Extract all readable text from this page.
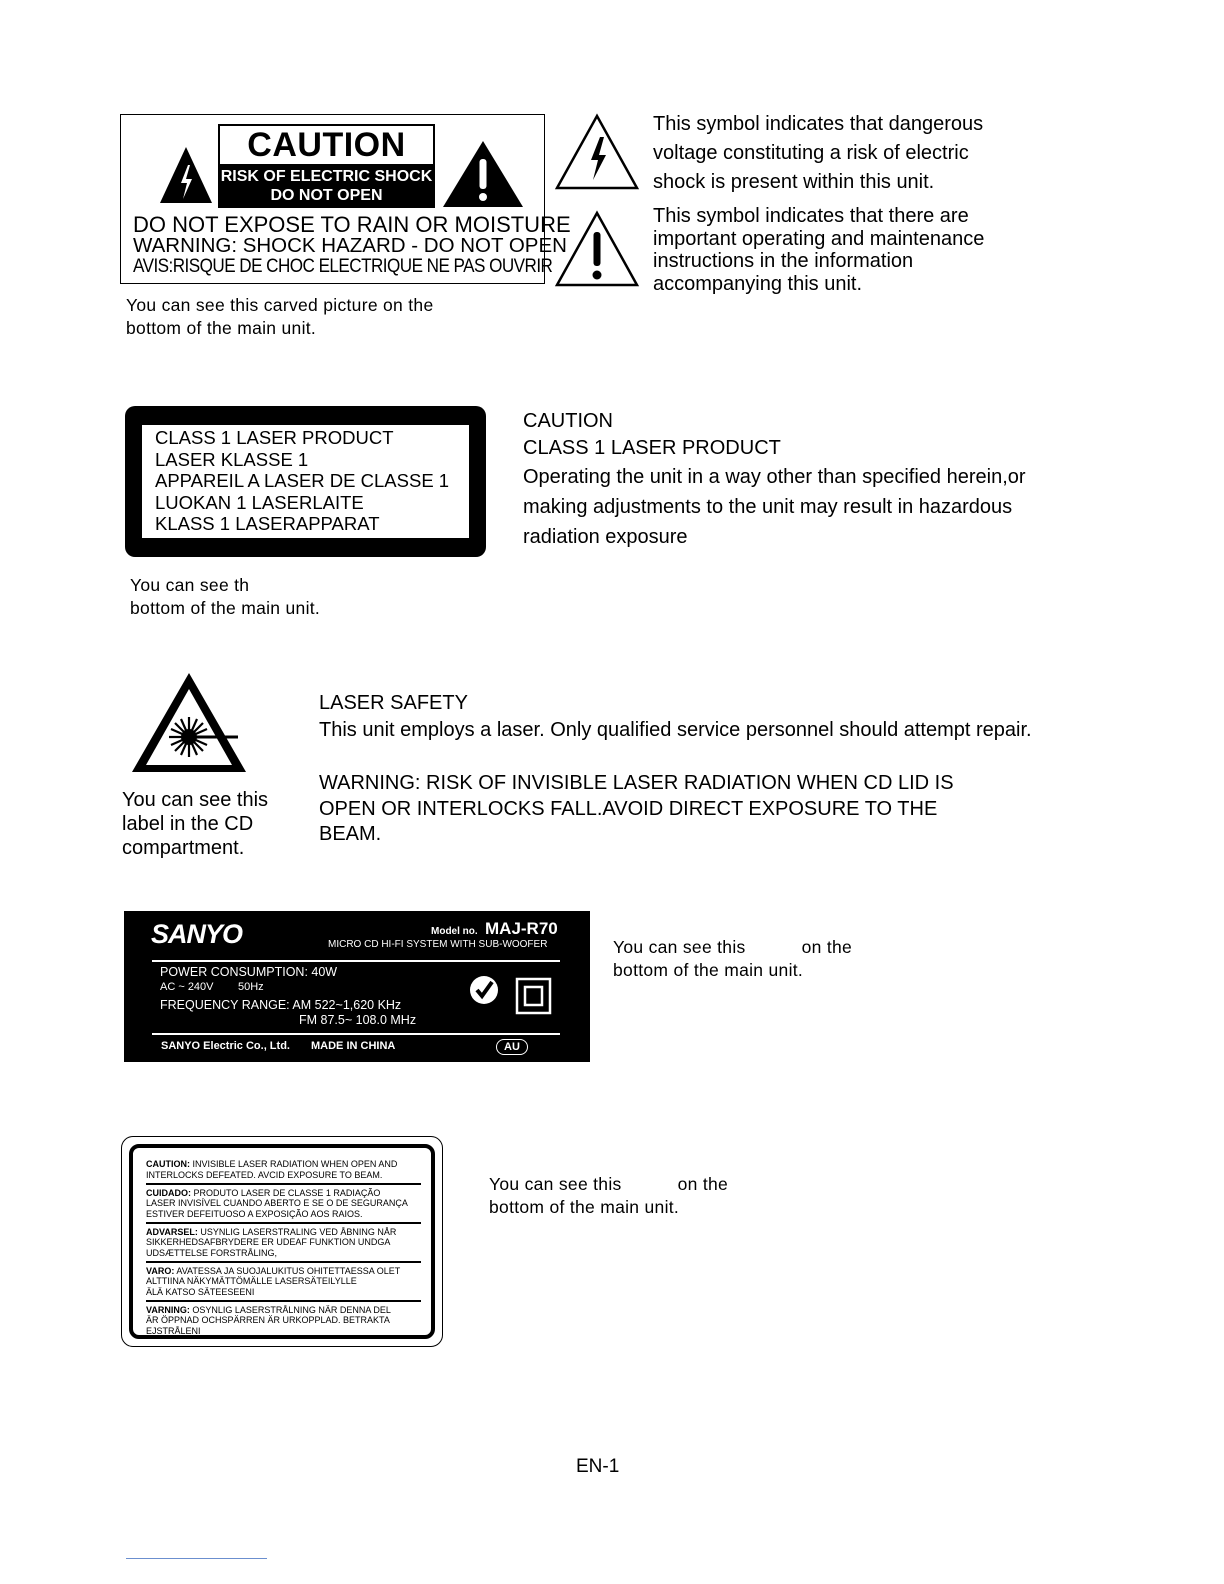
CAUTION
RISK OF ELECTRIC SHOCK
DO NOT OPEN
DO NOT EXPOSE TO RAIN OR MOISTURE
WARNING: SHOCK HAZARD - DO NOT OPEN
AVIS:RISQUE DE CHOC ELECTRIQUE NE PAS OUVRIR
You can see this carved picture on the
bottom of the main unit.
This symbol indicates that dangerous
voltage constituting a risk of electric
shock is present within this unit.
This symbol indicates that there are
important operating and maintenance
instructions in the information
accompanying this unit.
CLASS 1 LASER PRODUCT
LASER KLASSE 1
APPAREIL A LASER DE CLASSE 1
LUOKAN 1 LASERLAITE
KLASS 1 LASERAPPARAT
You can see th
bottom of the main unit.
CAUTION
CLASS 1 LASER PRODUCT
Operating the unit in a way other than specified herein,or
making adjustments to the unit may result in hazardous
radiation exposure
You can see this
label in the CD
compartment.
LASER SAFETY
This unit employs a laser. Only qualified service personnel should attempt repair.
WARNING: RISK OF INVISIBLE LASER RADIATION WHEN CD LID IS
OPEN OR INTERLOCKS FALL.AVOID DIRECT EXPOSURE TO THE
BEAM.
SANYO	Model no. MAJ-R70
MICRO CD HI-FI SYSTEM WITH SUB-WOOFER
POWER CONSUMPTION: 40W
AC ~ 240V 50Hz
FREQUENCY RANGE: AM 522~1,620 KHz
FM 87.5~ 108.0 MHz
SANYO Electric Co., Ltd. MADE IN CHINA	AU
You can see this	on the
bottom of the main unit.
CAUTION: INVISIBLE LASER RADIATION WHEN OPEN AND
INTERLOCKS DEFEATED. AVCID EXPOSURE TO BEAM.
CUIDADO: PRODUTO LASER DE CLASSE 1 RADIAÇÃO
LASER INVISÍVEL CUANDO ABERTO E SE O DE SEGURANÇA
ESTIVER DEFEITUOSO A EXPOSIÇÃO AOS RAIOS.
ADVARSEL: USYNLIG LASERSTRALING VED ÅBNING NÅR
SIKKERHEDSAFBRYDERE ER UDEAF FUNKTION UNDGA
UDSÆTTELSE FORSTRÅLING,
VARO: AVATESSA JA SUOJALUKITUS OHITETTAESSA OLET
ALTTIINA NÄKYMÄTTÖMÄLLE LASERSÄTEILYLLE
ÄLÄ KATSO SÄTEESEENI
VARNING: OSYNLIG LASERSTRÅLNING NÄR DENNA DEL
ÄR ÖPPNAD OCHSPÄRREN ÄR URKOPPLAD. BETRAKTA
EJSTRÅLENI
You can see this	on the
bottom of the main unit.
EN-1
